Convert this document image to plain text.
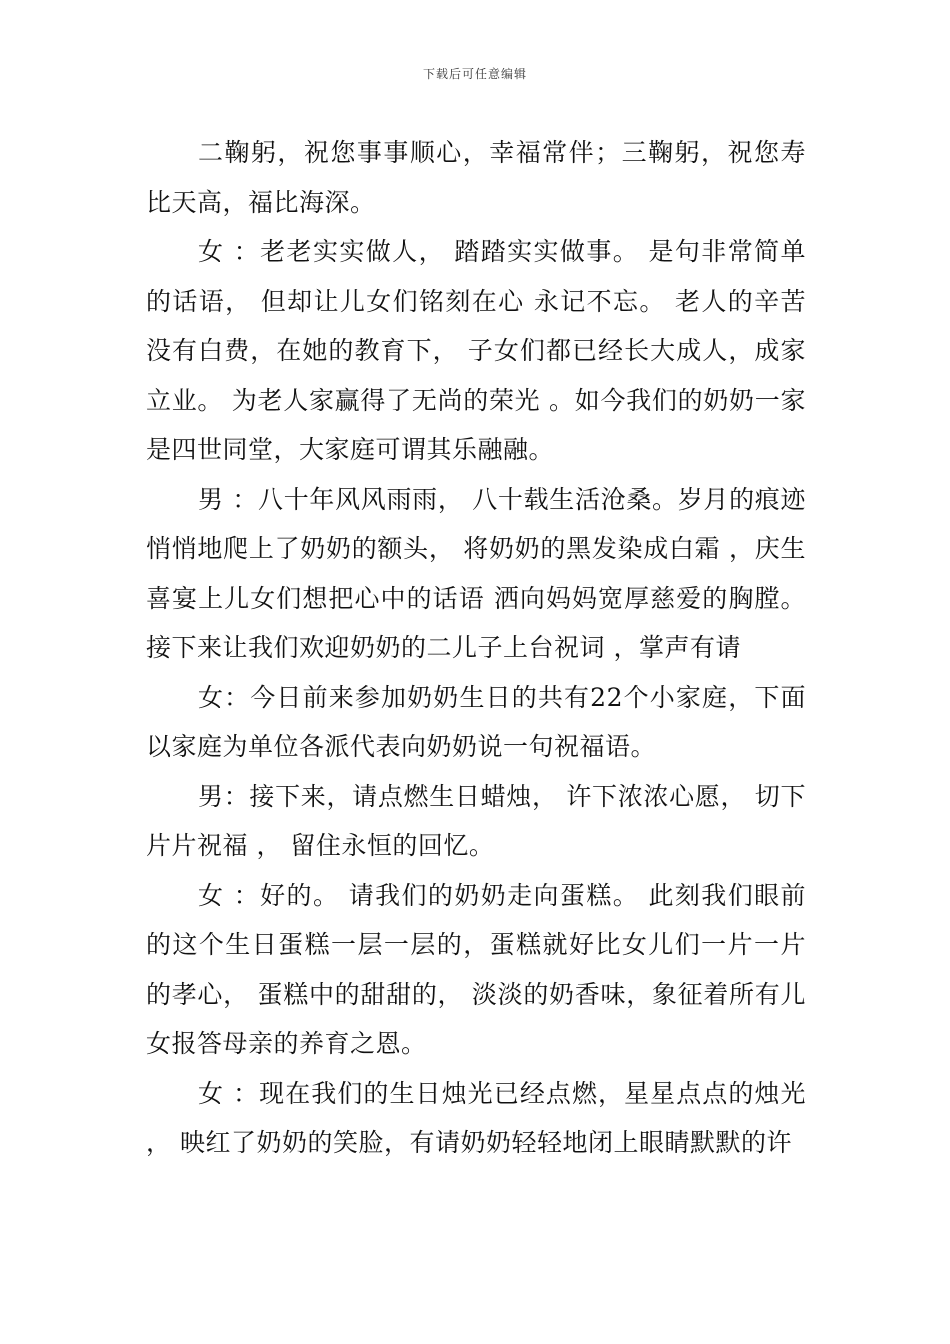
下载后可任意编辑

二鞠躬，祝您事事顺心，幸福常伴；三鞠躬，祝您寿比天高，福比海深。

女 ：老老实实做人， 踏踏实实做事。 是句非常简单的话语， 但却让儿女们铭刻在心 永记不忘。 老人的辛苦没有白费，在她的教育下， 子女们都已经长大成人，成家立业。 为老人家赢得了无尚的荣光 。如今我们的奶奶一家是四世同堂，大家庭可谓其乐融融。

男 ：八十年风风雨雨， 八十载生活沧桑。岁月的痕迹悄悄地爬上了奶奶的额头， 将奶奶的黑发染成白霜 ，庆生喜宴上儿女们想把心中的话语 洒向妈妈宽厚慈爱的胸膛。 接下来让我们欢迎奶奶的二儿子上台祝词 ，掌声有请

女：今日前来参加奶奶生日的共有22个小家庭，下面以家庭为单位各派代表向奶奶说一句祝福语。

男：接下来，请点燃生日蜡烛， 许下浓浓心愿， 切下片片祝福 ， 留住永恒的回忆。

女 ：好的。 请我们的奶奶走向蛋糕。 此刻我们眼前的这个生日蛋糕一层一层的，蛋糕就好比女儿们一片一片的孝心， 蛋糕中的甜甜的， 淡淡的奶香味，象征着所有儿女报答母亲的养育之恩。

女 ：现在我们的生日烛光已经点燃，星星点点的烛光 ， 映红了奶奶的笑脸，有请奶奶轻轻地闭上眼睛默默的许
